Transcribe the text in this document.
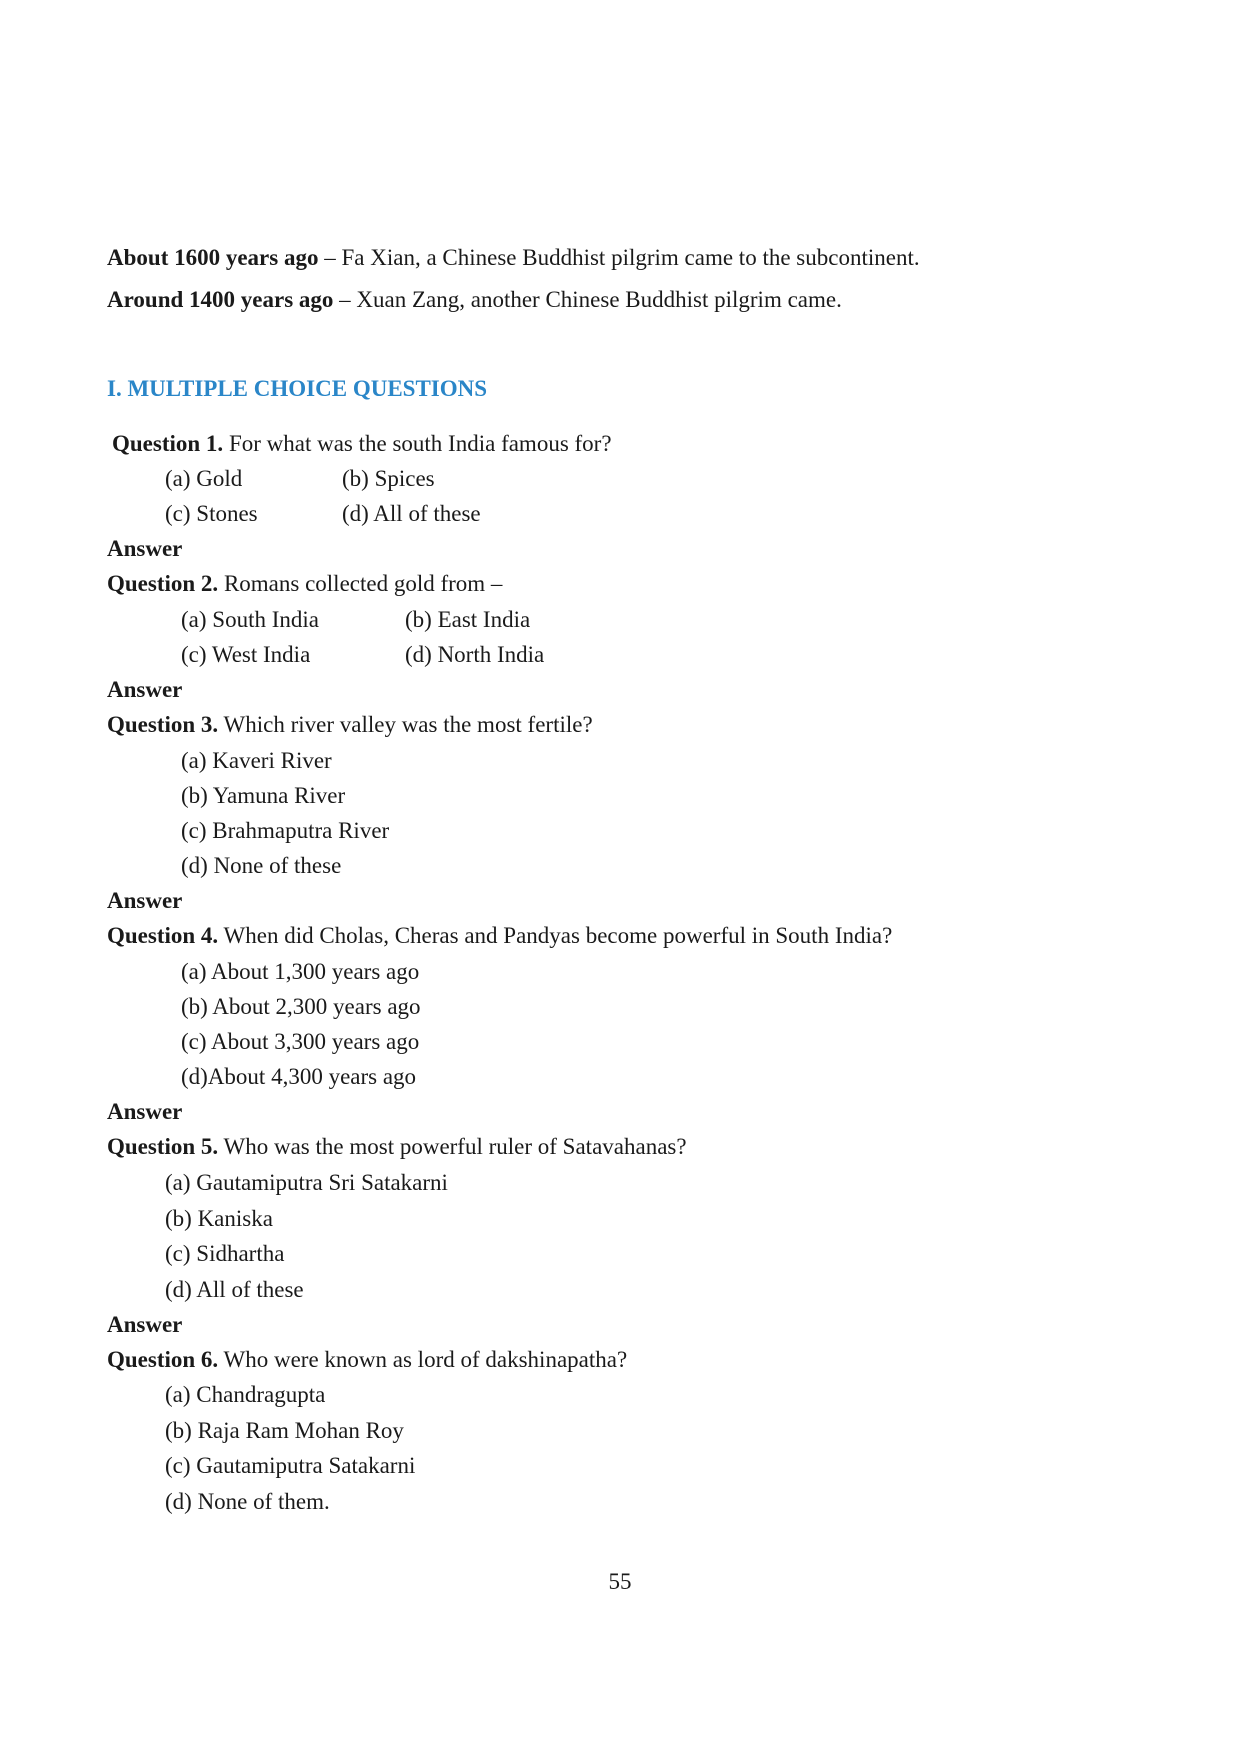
About 1600 years ago – Fa Xian, a Chinese Buddhist pilgrim came to the subcontinent.
Around 1400 years ago – Xuan Zang, another Chinese Buddhist pilgrim came.
I. MULTIPLE CHOICE QUESTIONS
Question 1. For what was the south India famous for?
(a) Gold	(b) Spices
(c) Stones	(d) All of these
Answer
Question 2. Romans collected gold from –
(a) South India	(b) East India
(c) West India	(d) North India
Answer
Question 3. Which river valley was the most fertile?
(a) Kaveri River
(b) Yamuna River
(c) Brahmaputra River
(d) None of these
Answer
Question 4. When did Cholas, Cheras and Pandyas become powerful in South India?
(a) About 1,300 years ago
(b) About 2,300 years ago
(c) About 3,300 years ago
(d)About 4,300 years ago
Answer
Question 5. Who was the most powerful ruler of Satavahanas?
(a) Gautamiputra Sri Satakarni
(b) Kaniska
(c) Sidhartha
(d) All of these
Answer
Question 6. Who were known as lord of dakshinapatha?
(a) Chandragupta
(b) Raja Ram Mohan Roy
(c) Gautamiputra Satakarni
(d) None of them.
55
